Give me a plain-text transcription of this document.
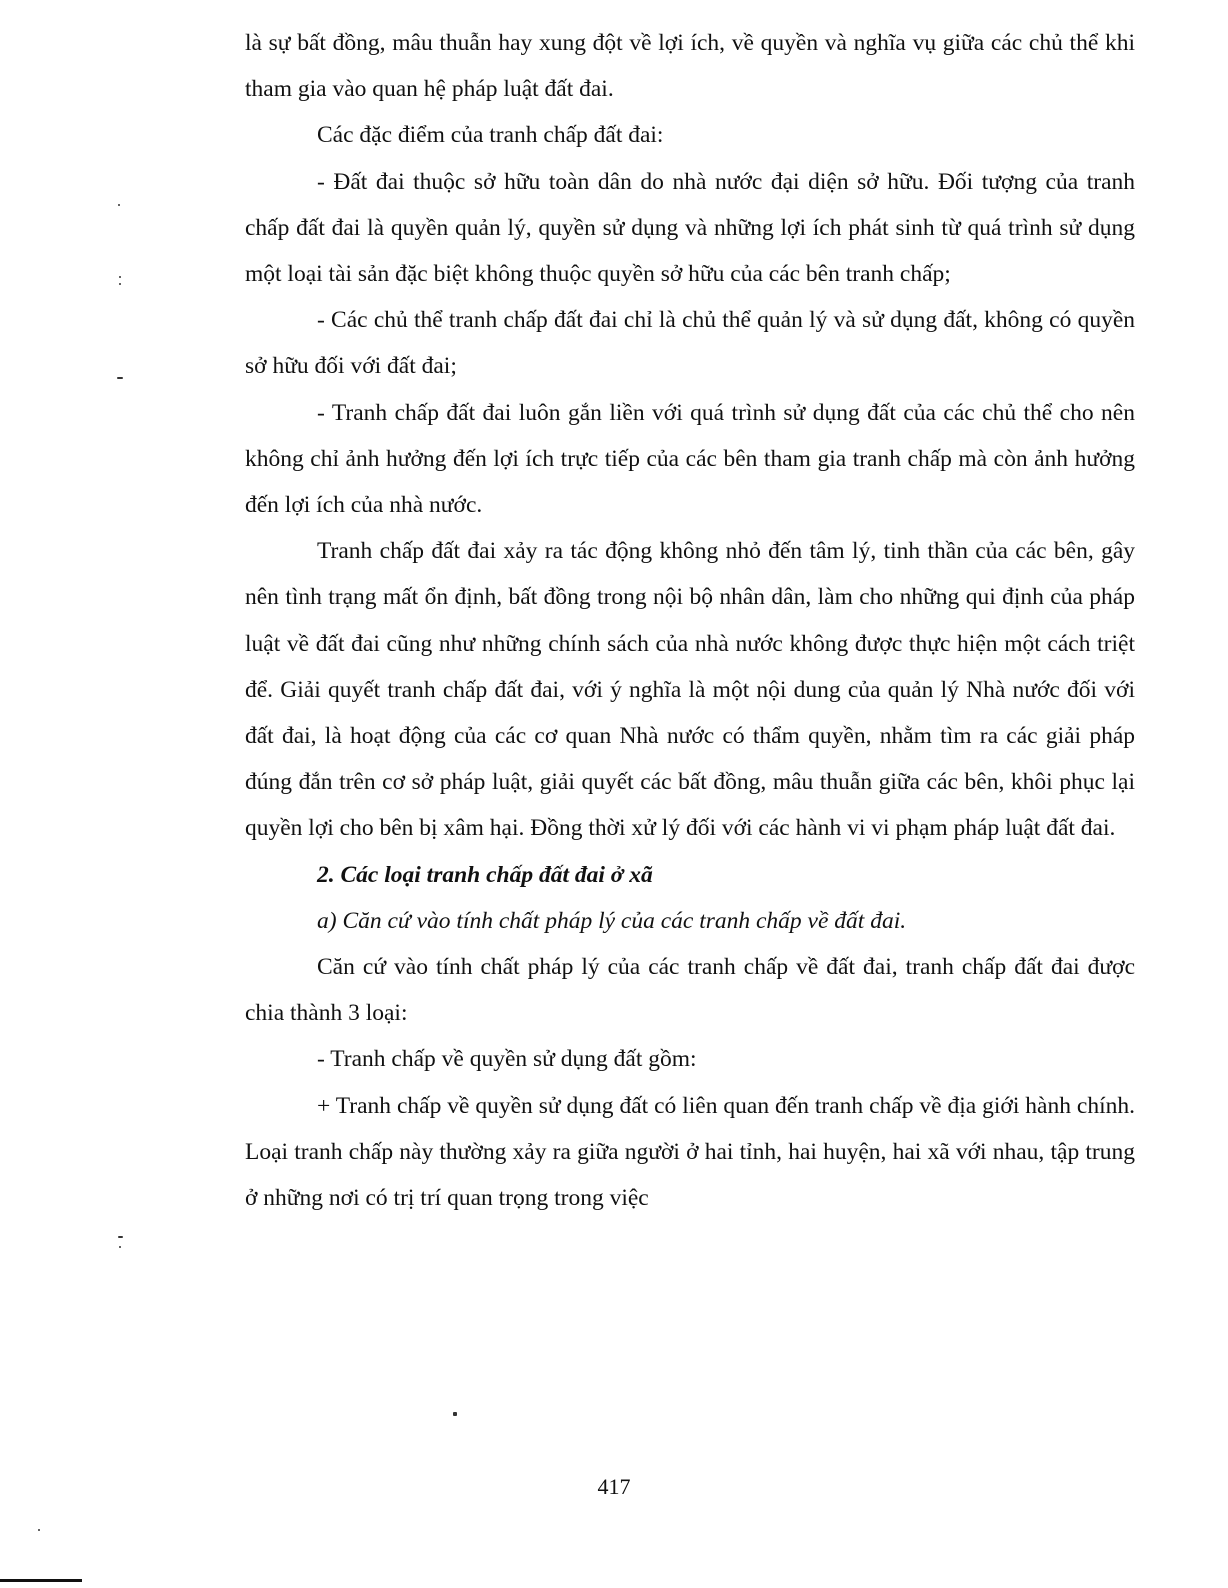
là sự bất đồng, mâu thuẫn hay xung đột về lợi ích, về quyền và nghĩa vụ giữa các chủ thể khi tham gia vào quan hệ pháp luật đất đai.

Các đặc điểm của tranh chấp đất đai:

- Đất đai thuộc sở hữu toàn dân do nhà nước đại diện sở hữu. Đối tượng của tranh chấp đất đai là quyền quản lý, quyền sử dụng và những lợi ích phát sinh từ quá trình sử dụng một loại tài sản đặc biệt không thuộc quyền sở hữu của các bên tranh chấp;

- Các chủ thể tranh chấp đất đai chỉ là chủ thể quản lý và sử dụng đất, không có quyền sở hữu đối với đất đai;

- Tranh chấp đất đai luôn gắn liền với quá trình sử dụng đất của các chủ thể cho nên không chỉ ảnh hưởng đến lợi ích trực tiếp của các bên tham gia tranh chấp mà còn ảnh hưởng đến lợi ích của nhà nước.

Tranh chấp đất đai xảy ra tác động không nhỏ đến tâm lý, tinh thần của các bên, gây nên tình trạng mất ổn định, bất đồng trong nội bộ nhân dân, làm cho những qui định của pháp luật về đất đai cũng như những chính sách của nhà nước không được thực hiện một cách triệt để. Giải quyết tranh chấp đất đai, với ý nghĩa là một nội dung của quản lý Nhà nước đối với đất đai, là hoạt động của các cơ quan Nhà nước có thẩm quyền, nhằm tìm ra các giải pháp đúng đắn trên cơ sở pháp luật, giải quyết các bất đồng, mâu thuẫn giữa các bên, khôi phục lại quyền lợi cho bên bị xâm hại. Đồng thời xử lý đối với các hành vi vi phạm pháp luật đất đai.

2. Các loại tranh chấp đất đai ở xã

a) Căn cứ vào tính chất pháp lý của các tranh chấp về đất đai.

Căn cứ vào tính chất pháp lý của các tranh chấp về đất đai, tranh chấp đất đai được chia thành 3 loại:

- Tranh chấp về quyền sử dụng đất gồm:

+ Tranh chấp về quyền sử dụng đất có liên quan đến tranh chấp về địa giới hành chính. Loại tranh chấp này thường xảy ra giữa người ở hai tỉnh, hai huyện, hai xã với nhau, tập trung ở những nơi có trị trí quan trọng trong việc

417
